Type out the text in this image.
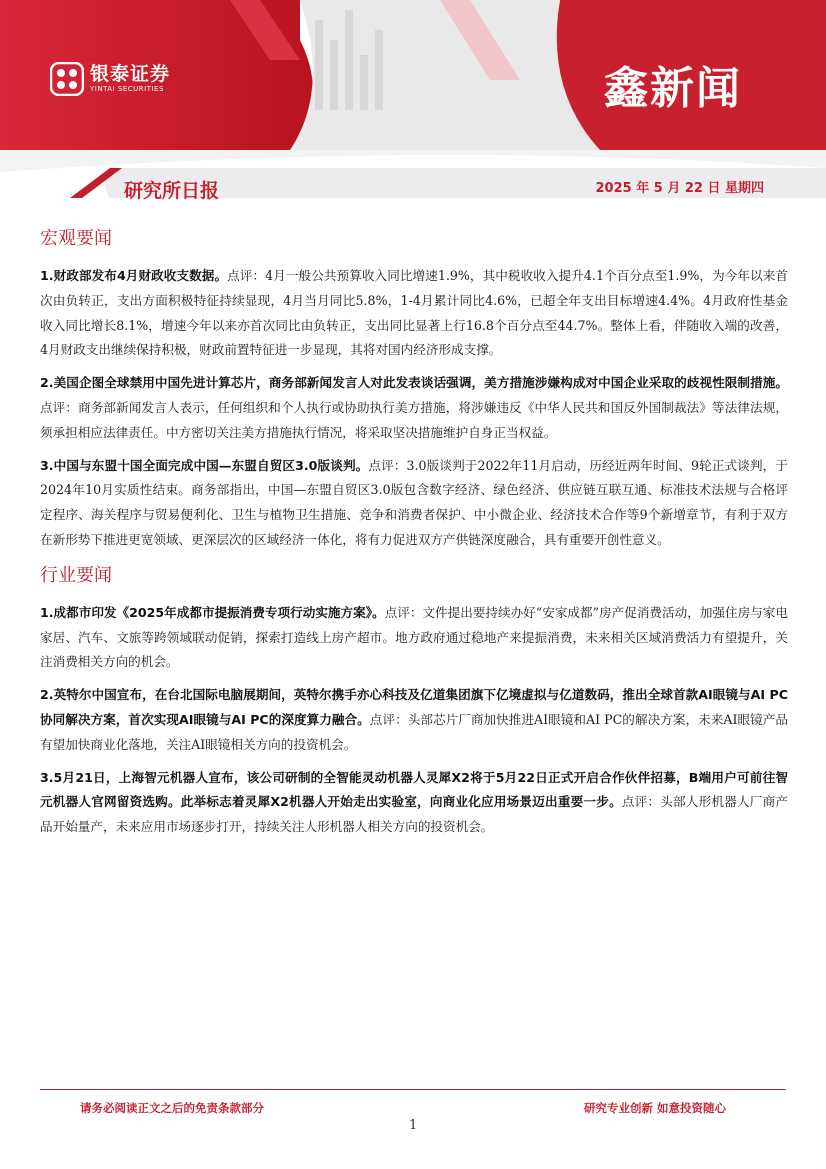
银泰证券
YINTAI SECURITIES	鑫新闻
研究所日报	2025 年 5 月 22 日 星期四
宏观要闻

1.财政部发布4月财政收支数据。点评：4月一般公共预算收入同比增速1.9%，其中税收收入提升4.1个百分点至1.9%，为今年以来首次由负转正，支出方面积极特征持续显现，4月当月同比5.8%，1-4月累计同比4.6%，已超全年支出目标增速4.4%。4月政府性基金收入同比增长8.1%，增速今年以来亦首次同比由负转正，支出同比显著上行16.8个百分点至44.7%。整体上看，伴随收入端的改善，4月财政支出继续保持积极，财政前置特征进一步显现，其将对国内经济形成支撑。

2.美国企图全球禁用中国先进计算芯片，商务部新闻发言人对此发表谈话强调，美方措施涉嫌构成对中国企业采取的歧视性限制措施。点评：商务部新闻发言人表示，任何组织和个人执行或协助执行美方措施，将涉嫌违反《中华人民共和国反外国制裁法》等法律法规，须承担相应法律责任。中方密切关注美方措施执行情况，将采取坚决措施维护自身正当权益。

3.中国与东盟十国全面完成中国—东盟自贸区3.0版谈判。点评：3.0版谈判于2022年11月启动，历经近两年时间、9轮正式谈判，于2024年10月实质性结束。商务部指出，中国—东盟自贸区3.0版包含数字经济、绿色经济、供应链互联互通、标准技术法规与合格评定程序、海关程序与贸易便利化、卫生与植物卫生措施、竞争和消费者保护、中小微企业、经济技术合作等9个新增章节，有利于双方在新形势下推进更宽领域、更深层次的区域经济一体化，将有力促进双方产供链深度融合，具有重要开创性意义。

行业要闻

1.成都市印发《2025年成都市提振消费专项行动实施方案》。点评：文件提出要持续办好“安家成都”房产促消费活动，加强住房与家电家居、汽车、文旅等跨领域联动促销，探索打造线上房产超市。地方政府通过稳地产来提振消费，未来相关区域消费活力有望提升，关注消费相关方向的机会。

2.英特尔中国宣布，在台北国际电脑展期间，英特尔携手亦心科技及亿道集团旗下亿境虚拟与亿道数码，推出全球首款AI眼镜与AI PC协同解决方案，首次实现AI眼镜与AI PC的深度算力融合。点评：头部芯片厂商加快推进AI眼镜和AI PC的解决方案，未来AI眼镜产品有望加快商业化落地，关注AI眼镜相关方向的投资机会。

3.5月21日，上海智元机器人宣布，该公司研制的全智能灵动机器人灵犀X2将于5月22日正式开启合作伙伴招募，B端用户可前往智元机器人官网留资选购。此举标志着灵犀X2机器人开始走出实验室，向商业化应用场景迈出重要一步。点评：头部人形机器人厂商产品开始量产，未来应用市场逐步打开，持续关注人形机器人相关方向的投资机会。

请务必阅读正文之后的免责条款部分	研究专业创新 如意投资随心
1
